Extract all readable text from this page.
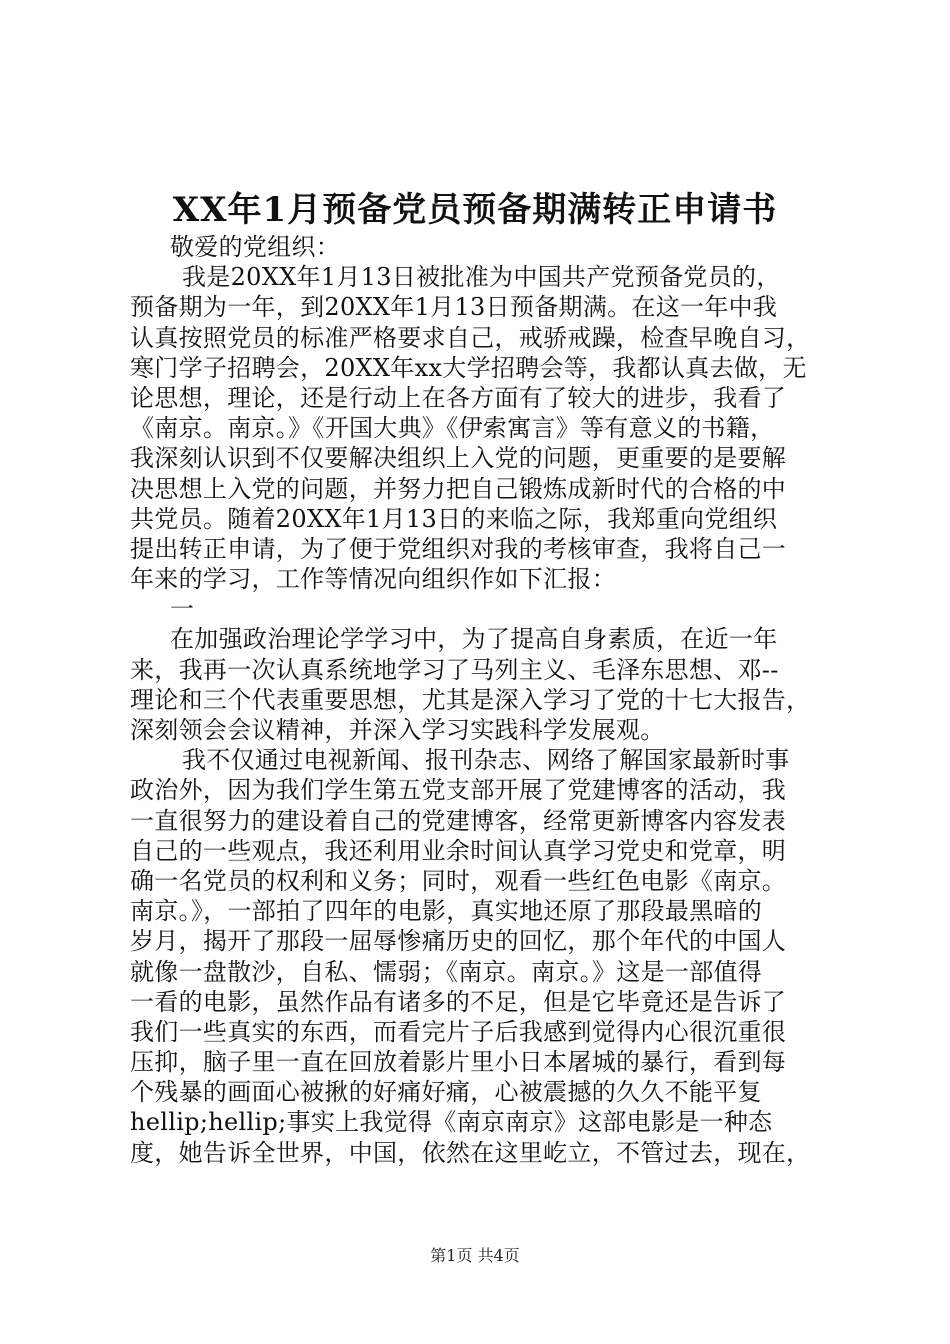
XX年1月预备党员预备期满转正申请书
敬爱的党组织：
我是20XX年1月13日被批准为中国共产党预备党员的，
预备期为一年，到20XX年1月13日预备期满。在这一年中我
认真按照党员的标准严格要求自己，戒骄戒躁，检查早晚自习，
寒门学子招聘会，20XX年xx大学招聘会等，我都认真去做，无
论思想，理论，还是行动上在各方面有了较大的进步，我看了
《南京。南京。》《开国大典》《伊索寓言》等有意义的书籍，
我深刻认识到不仅要解决组织上入党的问题，更重要的是要解
决思想上入党的问题，并努力把自己锻炼成新时代的合格的中
共党员。随着20XX年1月13日的来临之际，我郑重向党组织
提出转正申请，为了便于党组织对我的考核审查，我将自己一
年来的学习，工作等情况向组织作如下汇报：
一
在加强政治理论学学习中，为了提高自身素质，在近一年
来，我再一次认真系统地学习了马列主义、毛泽东思想、邓--
理论和三个代表重要思想，尤其是深入学习了党的十七大报告，
深刻领会会议精神，并深入学习实践科学发展观。
我不仅通过电视新闻、报刊杂志、网络了解国家最新时事
政治外，因为我们学生第五党支部开展了党建博客的活动，我
一直很努力的建设着自己的党建博客，经常更新博客内容发表
自己的一些观点，我还利用业余时间认真学习党史和党章，明
确一名党员的权利和义务；同时，观看一些红色电影《南京。
南京。》，一部拍了四年的电影，真实地还原了那段最黑暗的
岁月，揭开了那段一屈辱惨痛历史的回忆，那个年代的中国人
就像一盘散沙，自私、懦弱；《南京。南京。》这是一部值得
一看的电影，虽然作品有诸多的不足，但是它毕竟还是告诉了
我们一些真实的东西，而看完片子后我感到觉得内心很沉重很
压抑，脑子里一直在回放着影片里小日本屠城的暴行，看到每
个残暴的画面心被揪的好痛好痛，心被震撼的久久不能平复
hellip;hellip;事实上我觉得《南京南京》这部电影是一种态
度，她告诉全世界，中国，依然在这里屹立，不管过去，现在，
第1页 共4页
